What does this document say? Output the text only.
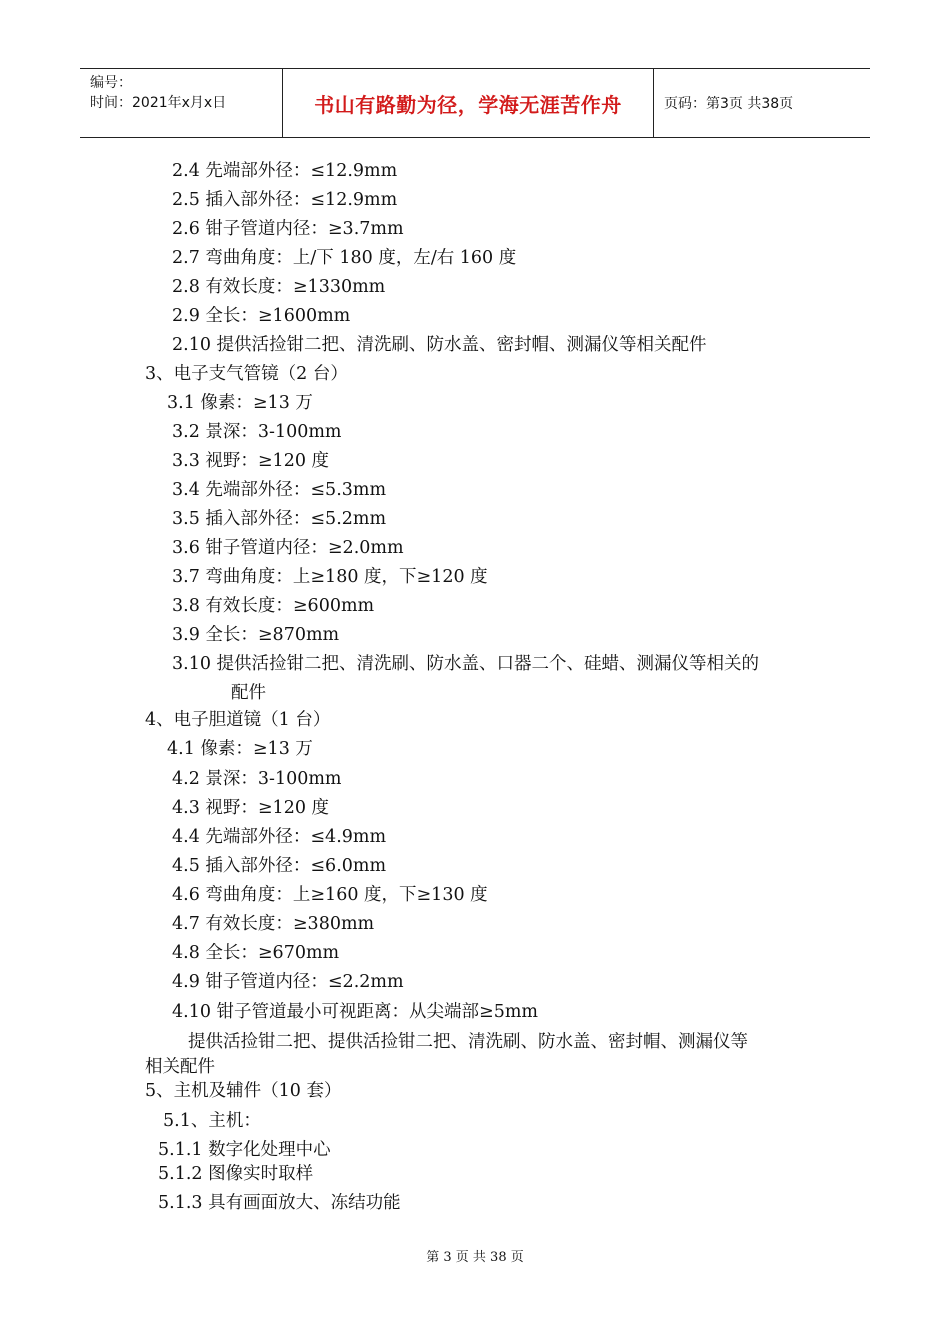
编号：
时间：2021年x月x日	书山有路勤为径，学海无涯苦作舟	页码：第3页 共38页
2.4 先端部外径：≤12.9mm
2.5 插入部外径：≤12.9mm
2.6 钳子管道内径：≥3.7mm
2.7 弯曲角度：上/下 180 度，左/右 160 度
2.8 有效长度：≥1330mm
2.9 全长：≥1600mm
2.10 提供活捡钳二把、清洗刷、防水盖、密封帽、测漏仪等相关配件
3、电子支气管镜（2 台）
3.1 像素：≥13 万
3.2 景深：3-100mm
3.3 视野：≥120 度
3.4 先端部外径：≤5.3mm
3.5 插入部外径：≤5.2mm
3.6 钳子管道内径：≥2.0mm
3.7 弯曲角度：上≥180 度，下≥120 度
3.8 有效长度：≥600mm
3.9 全长：≥870mm
3.10 提供活捡钳二把、清洗刷、防水盖、口器二个、硅蜡、测漏仪等相关的
配件
4、电子胆道镜（1 台）
4.1 像素：≥13 万
4.2 景深：3-100mm
4.3 视野：≥120 度
4.4 先端部外径：≤4.9mm
4.5 插入部外径：≤6.0mm
4.6 弯曲角度：上≥160 度，下≥130 度
4.7 有效长度：≥380mm
4.8 全长：≥670mm
4.9 钳子管道内径：≤2.2mm
4.10 钳子管道最小可视距离：从尖端部≥5mm
提供活捡钳二把、提供活捡钳二把、清洗刷、防水盖、密封帽、测漏仪等
相关配件
5、主机及辅件（10 套）
5.1、主机：
5.1.1 数字化处理中心
5.1.2 图像实时取样
5.1.3 具有画面放大、冻结功能
第 3 页 共 38 页
